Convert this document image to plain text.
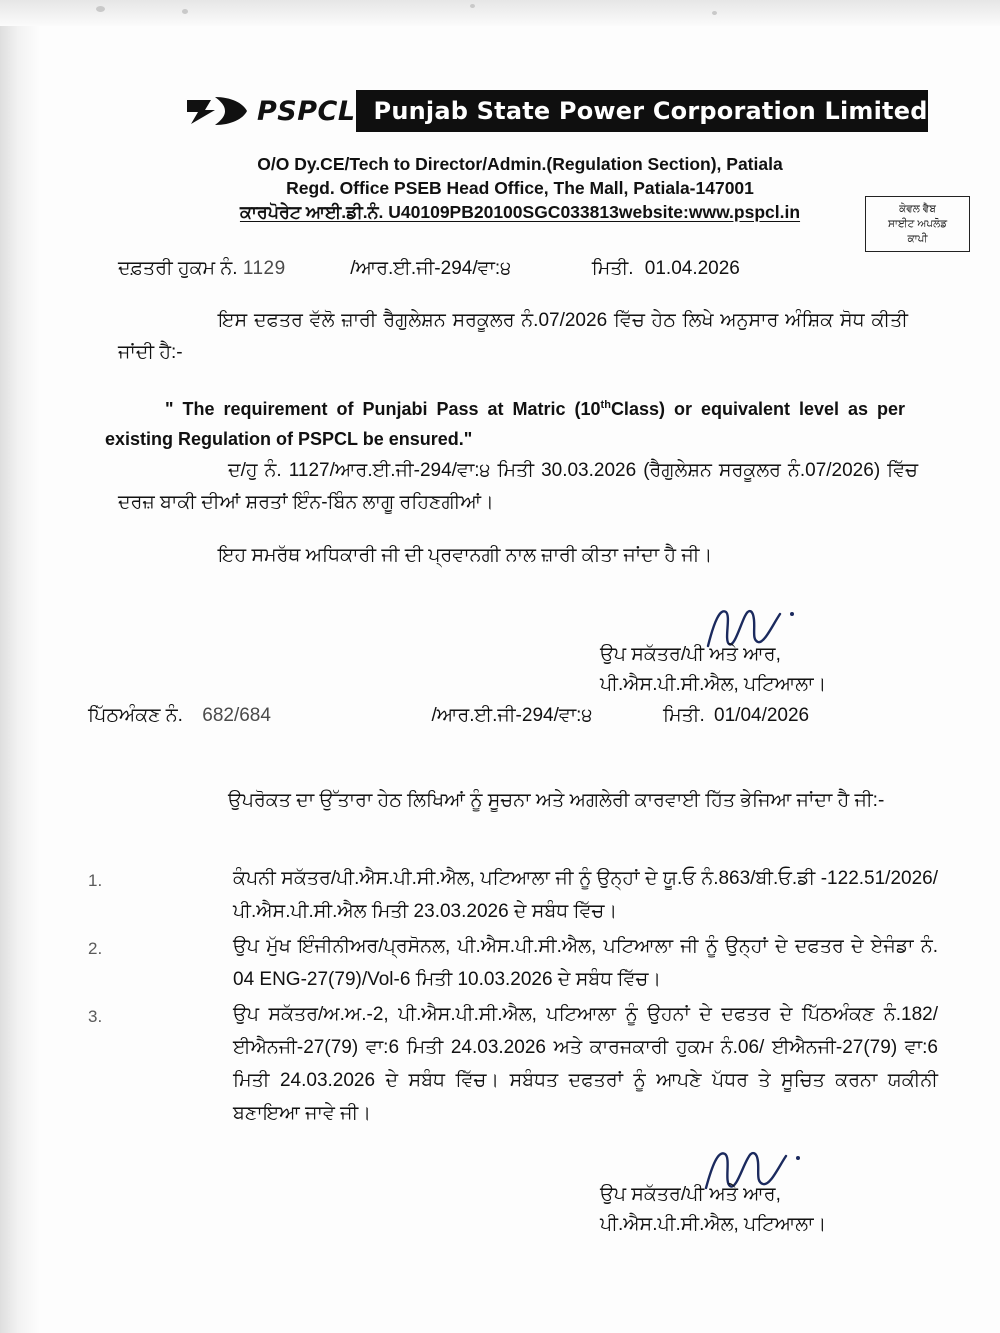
PSPCL Punjab State Power Corporation Limited
O/O Dy.CE/Tech to Director/Admin.(Regulation Section), Patiala
Regd. Office PSEB Head Office, The Mall, Patiala-147001
ਕਾਰਪੋਰੇਟ ਆਈ.ਡੀ.ਨੰ. U40109PB20100SGC033813website:www.pspcl.in	ਕੇਵਲ ਵੈਬ
ਸਾਈਟ ਅਪਲੋਡ
ਕਾਪੀ
ਦਫ਼ਤਰੀ ਹੁਕਮ ਨੰ. 1129	/ਆਰ.ਈ.ਜੀ-294/ਵਾ:੪	ਮਿਤੀ. 01.04.2026
ਇਸ ਦਫਤਰ ਵੱਲੋ ਜ਼ਾਰੀ ਰੈਗੁਲੇਸ਼ਨ ਸਰਕੂਲਰ ਨੰ.07/2026 ਵਿੱਚ ਹੇਠ ਲਿਖੇ ਅਨੁਸਾਰ ਅੰਸ਼ਿਕ ਸੋਧ ਕੀਤੀ ਜਾਂਦੀ ਹੈ:-
" The requirement of Punjabi Pass at Matric (10thClass) or equivalent level as per existing Regulation of PSPCL be ensured."
ਦ/ਹੁ ਨੰ. 1127/ਆਰ.ਈ.ਜੀ-294/ਵਾ:੪ ਮਿਤੀ 30.03.2026 (ਰੈਗੁਲੇਸ਼ਨ ਸਰਕੂਲਰ ਨੰ.07/2026) ਵਿੱਚ ਦਰਜ਼ ਬਾਕੀ ਦੀਆਂ ਸ਼ਰਤਾਂ ਇੰਨ-ਬਿੰਨ ਲਾਗੂ ਰਹਿਣਗੀਆਂ।
ਇਹ ਸਮਰੱਥ ਅਧਿਕਾਰੀ ਜੀ ਦੀ ਪ੍ਰਵਾਨਗੀ ਨਾਲ ਜ਼ਾਰੀ ਕੀਤਾ ਜਾਂਦਾ ਹੈ ਜੀ।
ਉਪ ਸਕੱਤਰ/ਪੀ ਅਤੇ ਆਰ,
ਪੀ.ਐਸ.ਪੀ.ਸੀ.ਐਲ, ਪਟਿਆਲਾ।
ਪਿੱਠਅੰਕਣ ਨੰ. 682/684	/ਆਰ.ਈ.ਜੀ-294/ਵਾ:੪	ਮਿਤੀ. 01/04/2026
ਉਪਰੋਕਤ ਦਾ ਉੱਤਾਰਾ ਹੇਠ ਲਿਖਿਆਂ ਨੂੰ ਸੂਚਨਾ ਅਤੇ ਅਗਲੇਰੀ ਕਾਰਵਾਈ ਹਿੱਤ ਭੇਜਿਆ ਜਾਂਦਾ ਹੈ ਜੀ:-
1.	ਕੰਪਨੀ ਸਕੱਤਰ/ਪੀ.ਐਸ.ਪੀ.ਸੀ.ਐਲ, ਪਟਿਆਲਾ ਜੀ ਨੂੰ ਉਨ੍ਹਾਂ ਦੇ ਯੂ.ਓ ਨੰ.863/ਬੀ.ਓ.ਡੀ -122.51/2026/ਪੀ.ਐਸ.ਪੀ.ਸੀ.ਐਲ ਮਿਤੀ 23.03.2026 ਦੇ ਸਬੰਧ ਵਿੱਚ।
2.	ਉਪ ਮੁੱਖ ਇੰਜੀਨੀਅਰ/ਪ੍ਰਸੋਨਲ, ਪੀ.ਐਸ.ਪੀ.ਸੀ.ਐਲ, ਪਟਿਆਲਾ ਜੀ ਨੂੰ ਉਨ੍ਹਾਂ ਦੇ ਦਫਤਰ ਦੇ ਏਜੰਡਾ ਨੰ. 04 ENG-27(79)/Vol-6 ਮਿਤੀ 10.03.2026 ਦੇ ਸਬੰਧ ਵਿੱਚ।
3.	ਉਪ ਸਕੱਤਰ/ਅ.ਅ.-2, ਪੀ.ਐਸ.ਪੀ.ਸੀ.ਐਲ, ਪਟਿਆਲਾ ਨੂੰ ਉਹਨਾਂ ਦੇ ਦਫਤਰ ਦੇ ਪਿੱਠਅੰਕਣ ਨੰ.182/ਈਐਨਜੀ-27(79) ਵਾ:6 ਮਿਤੀ 24.03.2026 ਅਤੇ ਕਾਰਜਕਾਰੀ ਹੁਕਮ ਨੰ.06/ ਈਐਨਜੀ-27(79) ਵਾ:6 ਮਿਤੀ 24.03.2026 ਦੇ ਸਬੰਧ ਵਿੱਚ। ਸਬੰਧਤ ਦਫਤਰਾਂ ਨੂੰ ਆਪਣੇ ਪੱਧਰ ਤੇ ਸੂਚਿਤ ਕਰਨਾ ਯਕੀਨੀ ਬਣਾਇਆ ਜਾਵੇ ਜੀ।
ਉਪ ਸਕੱਤਰ/ਪੀ ਅਤੇ ਆਰ,
ਪੀ.ਐਸ.ਪੀ.ਸੀ.ਐਲ, ਪਟਿਆਲਾ।
